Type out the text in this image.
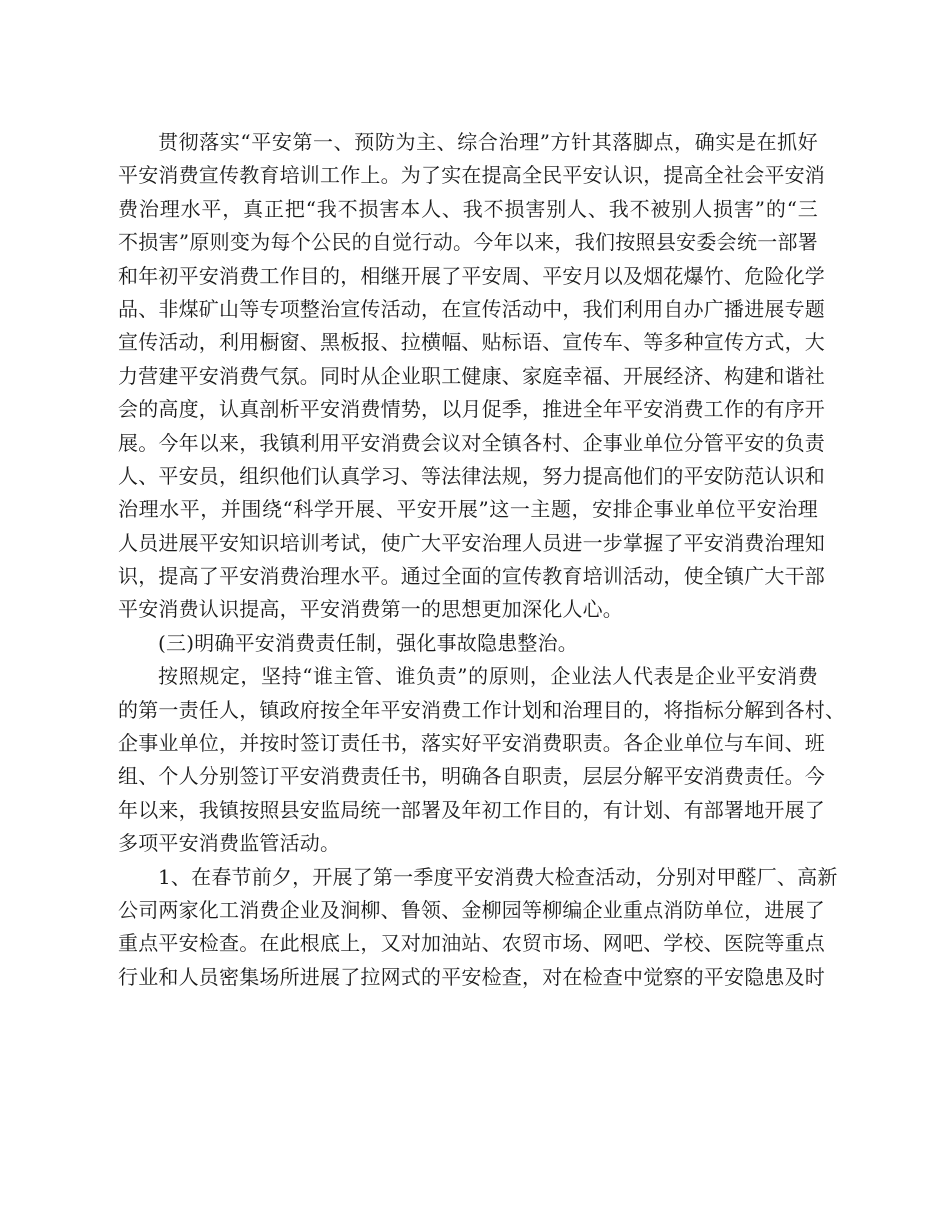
贯彻落实“平安第一、预防为主、综合治理”方针其落脚点，确实是在抓好
平安消费宣传教育培训工作上。为了实在提高全民平安认识，提高全社会平安消
费治理水平，真正把“我不损害本人、我不损害别人、我不被别人损害”的“三
不损害”原则变为每个公民的自觉行动。今年以来，我们按照县安委会统一部署
和年初平安消费工作目的，相继开展了平安周、平安月以及烟花爆竹、危险化学
品、非煤矿山等专项整治宣传活动，在宣传活动中，我们利用自办广播进展专题
宣传活动，利用橱窗、黑板报、拉横幅、贴标语、宣传车、等多种宣传方式，大
力营建平安消费气氛。同时从企业职工健康、家庭幸福、开展经济、构建和谐社
会的高度，认真剖析平安消费情势，以月促季，推进全年平安消费工作的有序开
展。今年以来，我镇利用平安消费会议对全镇各村、企事业单位分管平安的负责
人、平安员，组织他们认真学习、等法律法规，努力提高他们的平安防范认识和
治理水平，并围绕“科学开展、平安开展”这一主题，安排企事业单位平安治理
人员进展平安知识培训考试，使广大平安治理人员进一步掌握了平安消费治理知
识，提高了平安消费治理水平。通过全面的宣传教育培训活动，使全镇广大干部
平安消费认识提高，平安消费第一的思想更加深化人心。
(三)明确平安消费责任制，强化事故隐患整治。
按照规定，坚持“谁主管、谁负责”的原则，企业法人代表是企业平安消费
的第一责任人，镇政府按全年平安消费工作计划和治理目的，将指标分解到各村、
企事业单位，并按时签订责任书，落实好平安消费职责。各企业单位与车间、班
组、个人分别签订平安消费责任书，明确各自职责，层层分解平安消费责任。今
年以来，我镇按照县安监局统一部署及年初工作目的，有计划、有部署地开展了
多项平安消费监管活动。
1、在春节前夕，开展了第一季度平安消费大检查活动，分别对甲醛厂、高新
公司两家化工消费企业及涧柳、鲁领、金柳园等柳编企业重点消防单位，进展了
重点平安检查。在此根底上，又对加油站、农贸市场、网吧、学校、医院等重点
行业和人员密集场所进展了拉网式的平安检查，对在检查中觉察的平安隐患及时
